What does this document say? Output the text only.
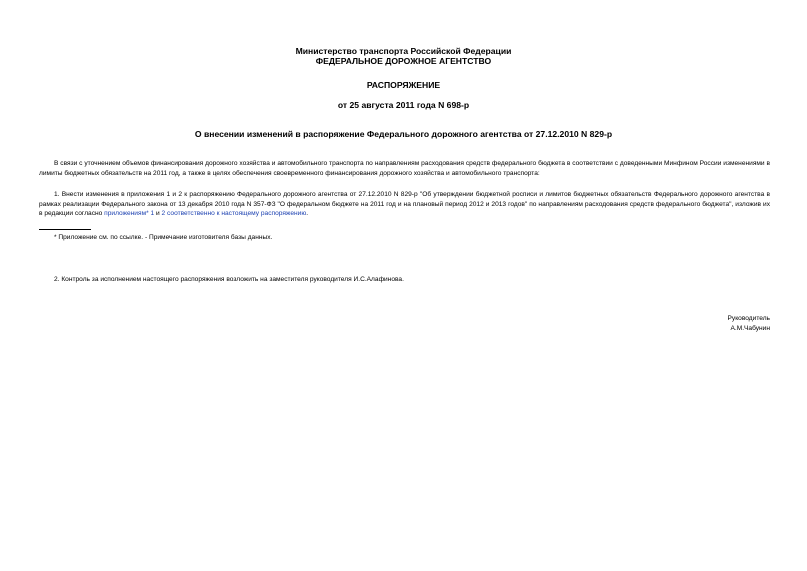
Министерство транспорта Российской Федерации
ФЕДЕРАЛЬНОЕ ДОРОЖНОЕ АГЕНТСТВО
РАСПОРЯЖЕНИЕ
от 25 августа 2011 года N 698-р
О внесении изменений в распоряжение Федерального дорожного агентства от 27.12.2010 N 829-р
В связи с уточнением объемов финансирования дорожного хозяйства и автомобильного транспорта по направлениям расходования средств федерального бюджета в соответствии с доведенными Минфином России изменениями в лимиты бюджетных обязательств на 2011 год, а также в целях обеспечения своевременного финансирования дорожного хозяйства и автомобильного транспорта:
1. Внести изменения в приложения 1 и 2 к распоряжению Федерального дорожного агентства от 27.12.2010 N 829-р "Об утверждении бюджетной росписи и лимитов бюджетных обязательств Федерального дорожного агентства в рамках реализации Федерального закона от 13 декабря 2010 года N 357-ФЗ "О федеральном бюджете на 2011 год и на плановый период 2012 и 2013 годов" по направлениям расходования средств федерального бюджета", изложив их в редакции согласно приложениям* 1 и 2 соответственно к настоящему распоряжению.
* Приложение см. по ссылке. - Примечание изготовителя базы данных.
2. Контроль за исполнением настоящего распоряжения возложить на заместителя руководителя И.С.Алафинова.
Руководитель
А.М.Чабунин
